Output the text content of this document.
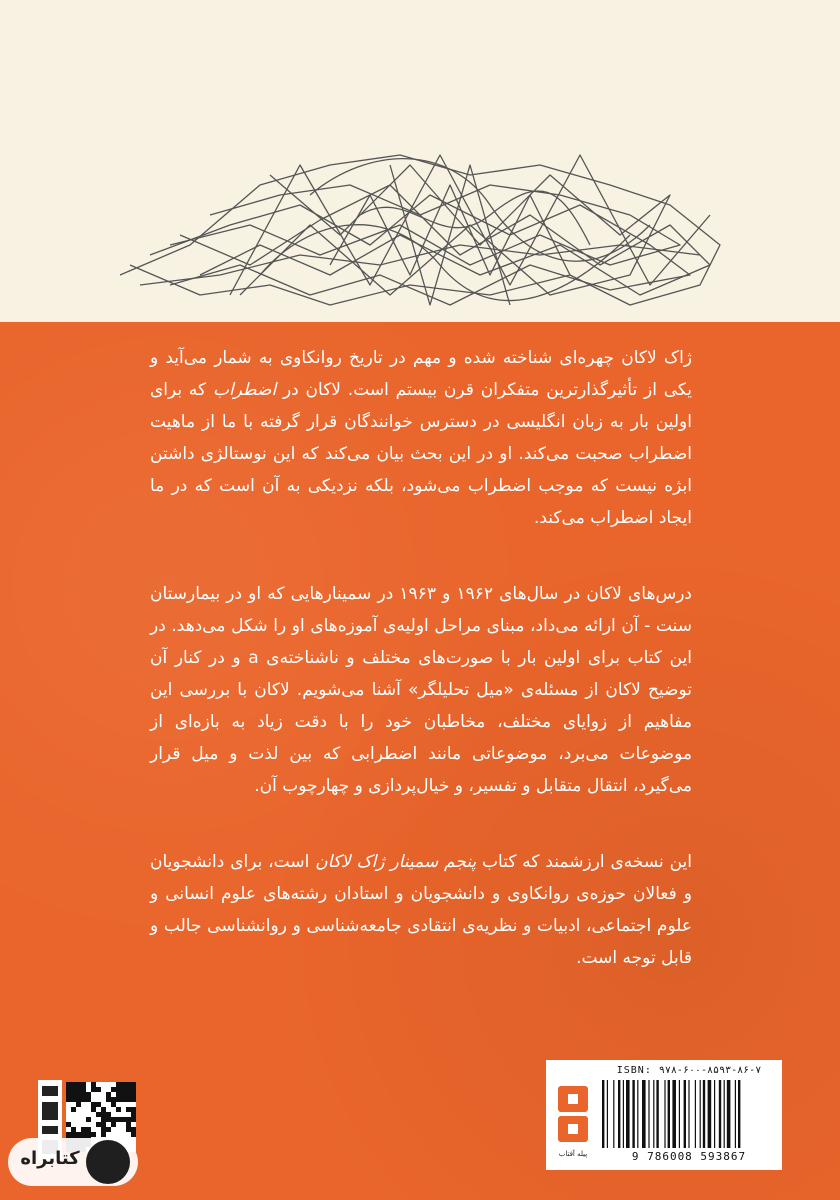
ژاک لاکان چهره‌ای شناخته شده و مهم در تاریخ روانکاوی به شمار می‌آید و یکی از تأثیرگذارترین متفکران قرن بیستم است. لاکان در اضطراب که برای اولین بار به زبان انگلیسی در دسترس خوانندگان قرار گرفته با ما از ماهیت اضطراب صحبت می‌کند. او در این بحث بیان می‌کند که این نوستالژی داشتن ابژه نیست که موجب اضطراب می‌شود، بلکه نزدیکی به آن است که در ما ایجاد اضطراب می‌کند.

درس‌های لاکان در سال‌های ۱۹۶۲ و ۱۹۶۳ در سمینارهایی که او در بیمارستان سنت - آن ارائه می‌داد، مبنای مراحل اولیه‌ی آموزه‌های او را شکل می‌دهد. در این کتاب برای اولین بار با صورت‌های مختلف و ناشناخته‌ی a و در کنار آن توضیح لاکان از مسئله‌ی «میل تحلیلگر» آشنا می‌شویم. لاکان با بررسی این مفاهیم از زوایای مختلف، مخاطبان خود را با دقت زیاد به بازه‌ای از موضوعات می‌برد، موضوعاتی مانند اضطرابی که بین لذت و میل قرار می‌گیرد، انتقال متقابل و تفسیر، و خیال‌پردازی و چهارچوب آن.

این نسخه‌ی ارزشمند که کتاب پنجم سمینار ژاک لاکان است، برای دانشجویان و فعالان حوزه‌ی روانکاوی و دانشجویان و استادان رشته‌های علوم انسانی و علوم اجتماعی، ادبیات و نظریه‌ی انتقادی جامعه‌شناسی و روانشناسی جالب و قابل توجه است.

ISBN: ۹۷۸-۶۰۰-۸۵۹۳-۸۶-۷
9 786008 593867
پیله آفتاب
کتابراه
